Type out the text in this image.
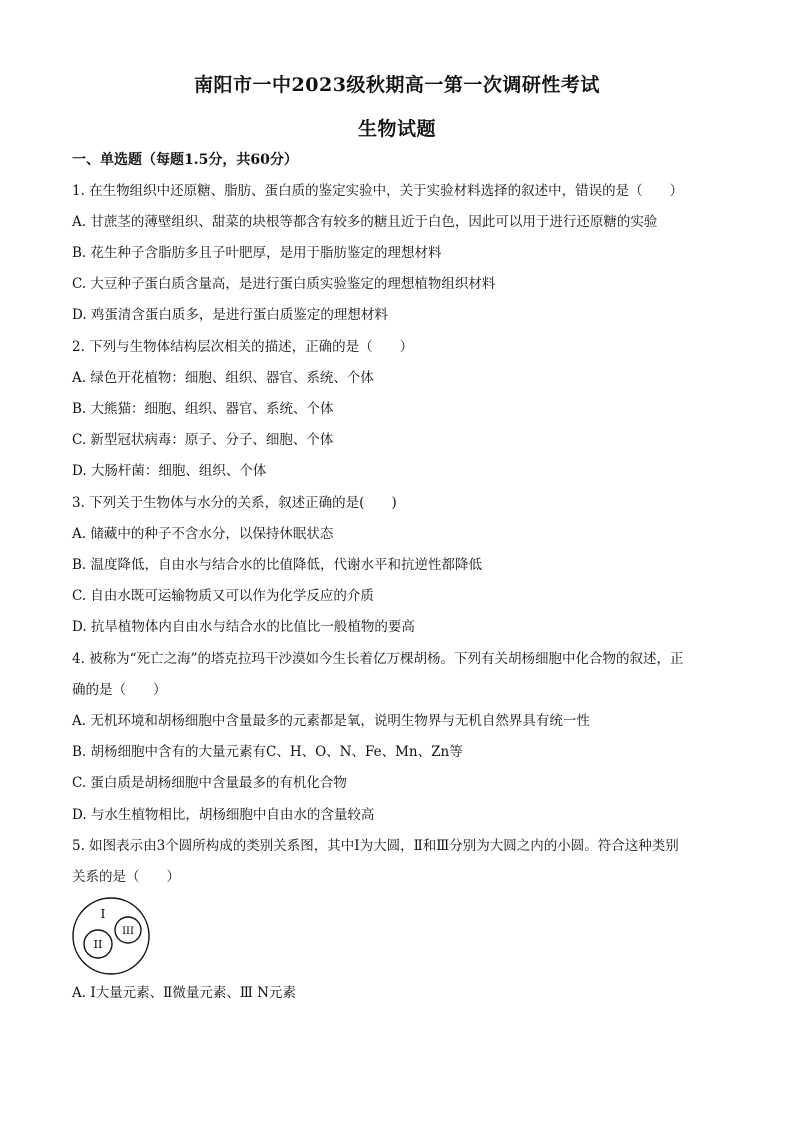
南阳市一中2023级秋期高一第一次调研性考试
生物试题
一、单选题（每题1.5分，共60分）
1. 在生物组织中还原糖、脂肪、蛋白质的鉴定实验中，关于实验材料选择的叙述中，错误的是（　　）
A. 甘蔗茎的薄壁组织、甜菜的块根等都含有较多的糖且近于白色，因此可以用于进行还原糖的实验
B. 花生种子含脂肪多且子叶肥厚，是用于脂肪鉴定的理想材料
C. 大豆种子蛋白质含量高，是进行蛋白质实验鉴定的理想植物组织材料
D. 鸡蛋清含蛋白质多，是进行蛋白质鉴定的理想材料
2. 下列与生物体结构层次相关的描述，正确的是（　　）
A. 绿色开花植物：细胞、组织、器官、系统、个体
B. 大熊猫：细胞、组织、器官、系统、个体
C. 新型冠状病毒：原子、分子、细胞、个体
D. 大肠杆菌：细胞、组织、个体
3. 下列关于生物体与水分的关系，叙述正确的是(　　)
A. 储藏中的种子不含水分，以保持休眠状态
B. 温度降低，自由水与结合水的比值降低，代谢水平和抗逆性都降低
C. 自由水既可运输物质又可以作为化学反应的介质
D. 抗旱植物体内自由水与结合水的比值比一般植物的要高
4. 被称为“死亡之海”的塔克拉玛干沙漠如今生长着亿万棵胡杨。下列有关胡杨细胞中化合物的叙述，正
确的是（　　）
A. 无机环境和胡杨细胞中含量最多的元素都是氧，说明生物界与无机自然界具有统一性
B. 胡杨细胞中含有的大量元素有C、H、O、N、Fe、Mn、Zn等
C. 蛋白质是胡杨细胞中含量最多的有机化合物
D. 与水生植物相比，胡杨细胞中自由水的含量较高
5. 如图表示由3个圆所构成的类别关系图，其中Ⅰ为大圆，Ⅱ和Ⅲ分别为大圆之内的小圆。符合这种类别
关系的是（　　）
A. Ⅰ大量元素、Ⅱ微量元素、Ⅲ N元素
I
II
III
